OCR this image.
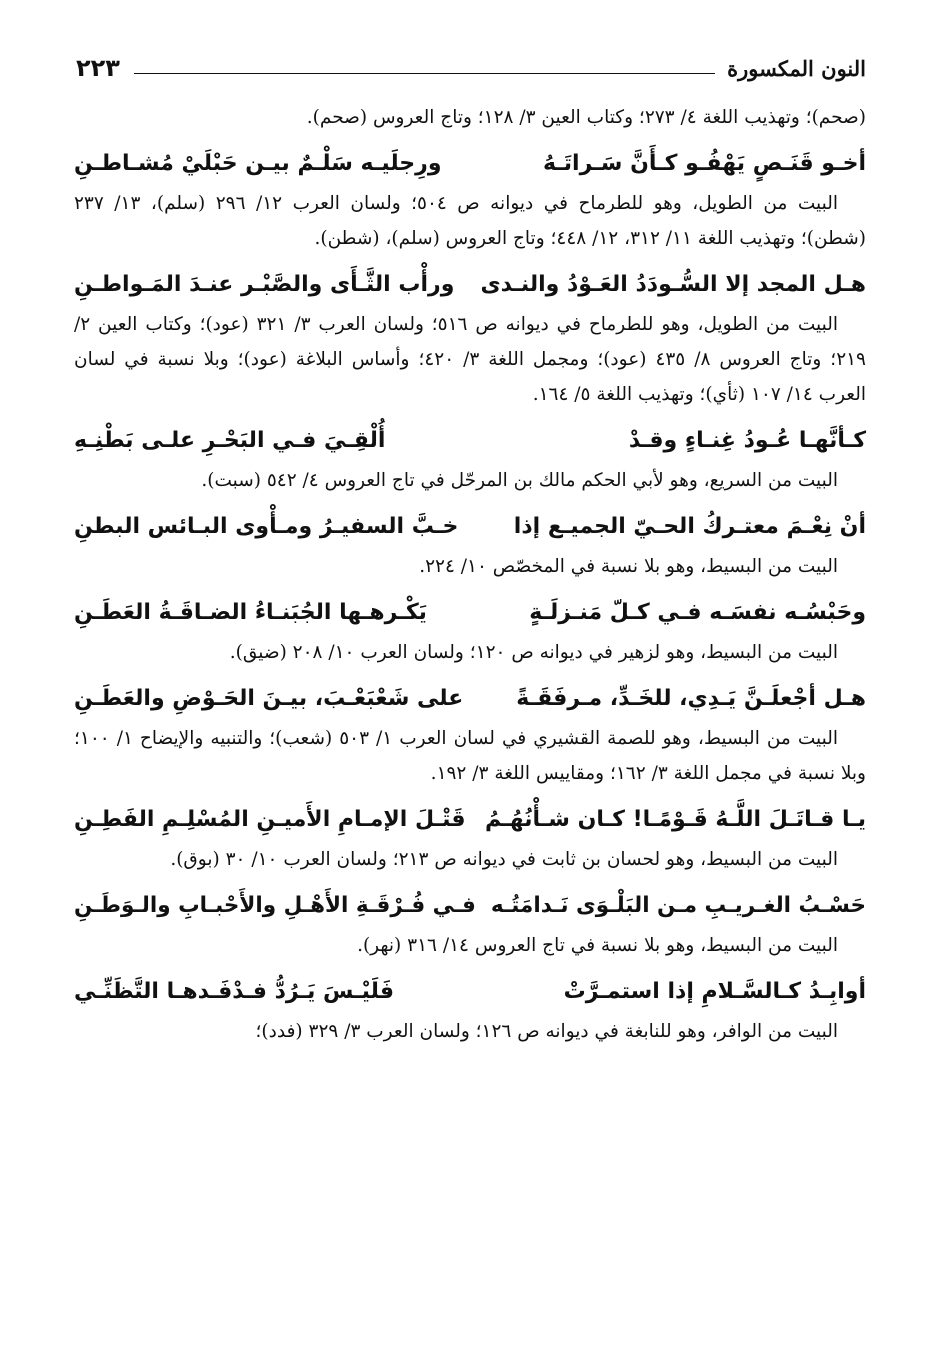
النون المكسورة
٢٢٣

(صحم)؛ وتهذيب اللغة ٤/ ٢٧٣؛ وكتاب العين ٣/ ١٢٨؛ وتاج العروس (صحم).

أخـو قَنَـصٍ يَهْفُـو كـأَنَّ سَـراتَـهُ
ورِجلَيـه سَلْـمٌ بيـن حَبْلَيْ مُشـاطـنِ

البيت من الطويل، وهو للطرماح في ديوانه ص ٥٠٤؛ ولسان العرب ١٢/ ٢٩٦ (سلم)، ١٣/ ٢٣٧ (شطن)؛ وتهذيب اللغة ١١/ ٣١٢، ١٢/ ٤٤٨؛ وتاج العروس (سلم)، (شطن).

هـل المجد إلا السُّـودَدُ العَـوْدُ والنـدى
ورأْب الثَّـأَى والصَّبْـر عنـدَ المَـواطـنِ

البيت من الطويل، وهو للطرماح في ديوانه ص ٥١٦؛ ولسان العرب ٣/ ٣٢١ (عود)؛ وكتاب العين ٢/ ٢١٩؛ وتاج العروس ٨/ ٤٣٥ (عود)؛ ومجمل اللغة ٣/ ٤٢٠؛ وأساس البلاغة (عود)؛ وبلا نسبة في لسان العرب ١٤/ ١٠٧ (ثأي)؛ وتهذيب اللغة ٥/ ١٦٤.

كـأنَّهـا عُـودُ غِنـاءٍ وقـدْ
أُلْقِـيَ فـي البَحْـرِ علـى بَطْنِـهِ

البيت من السريع، وهو لأبي الحكم مالك بن المرحّل في تاج العروس ٤/ ٥٤٢ (سبت).

أنْ نِعْـمَ معتـركُ الحـيّ الجميـع إذا
خـبَّ السفيـرُ ومـأْوى البـائس البطنِ

البيت من البسيط، وهو بلا نسبة في المخصّص ١٠/ ٢٢٤.

وحَبْسُـه نفسَـه فـي كـلّ مَنـزلَـةٍ
يَكْـرهـها الجُبَنـاءُ الضـاقَـةُ العَطَـنِ

البيت من البسيط، وهو لزهير في ديوانه ص ١٢٠؛ ولسان العرب ١٠/ ٢٠٨ (ضيق).

هـل أجْعلَـنَّ يَـدِي، للخَـدِّ، مـرفَقَـةً
على شَعْبَعْـبَ، بيـنَ الحَـوْضِ والعَطَـنِ

البيت من البسيط، وهو للصمة القشيري في لسان العرب ١/ ٥٠٣ (شعب)؛ والتنبيه والإيضاح ١/ ١٠٠؛ وبلا نسبة في مجمل اللغة ٣/ ١٦٢؛ ومقاييس اللغة ٣/ ١٩٢.

يـا قـاتَـلَ اللَّـهُ قَـوْمًـا! كـان شـأْنُهُـمُ
قَتْـلَ الإمـامِ الأَميـنِ المُسْلِـمِ الفَطِـنِ

البيت من البسيط، وهو لحسان بن ثابت في ديوانه ص ٢١٣؛ ولسان العرب ١٠/ ٣٠ (بوق).

حَسْـبُ الغـريـبِ مـن البَلْـوَى نَـدامَتُـه
فـي فُـرْقَـةِ الأَهْـلِ والأَحْبـابِ والـوَطَـنِ

البيت من البسيط، وهو بلا نسبة في تاج العروس ١٤/ ٣١٦ (نهر).

أوابِـدُ كـالسَّـلامِ إذا استمـرَّتْ
فَلَيْـسَ يَـرُدُّ فـدْفَـدهـا التَّظَنِّـي

البيت من الوافر، وهو للنابغة في ديوانه ص ١٢٦؛ ولسان العرب ٣/ ٣٢٩ (فدد)؛
